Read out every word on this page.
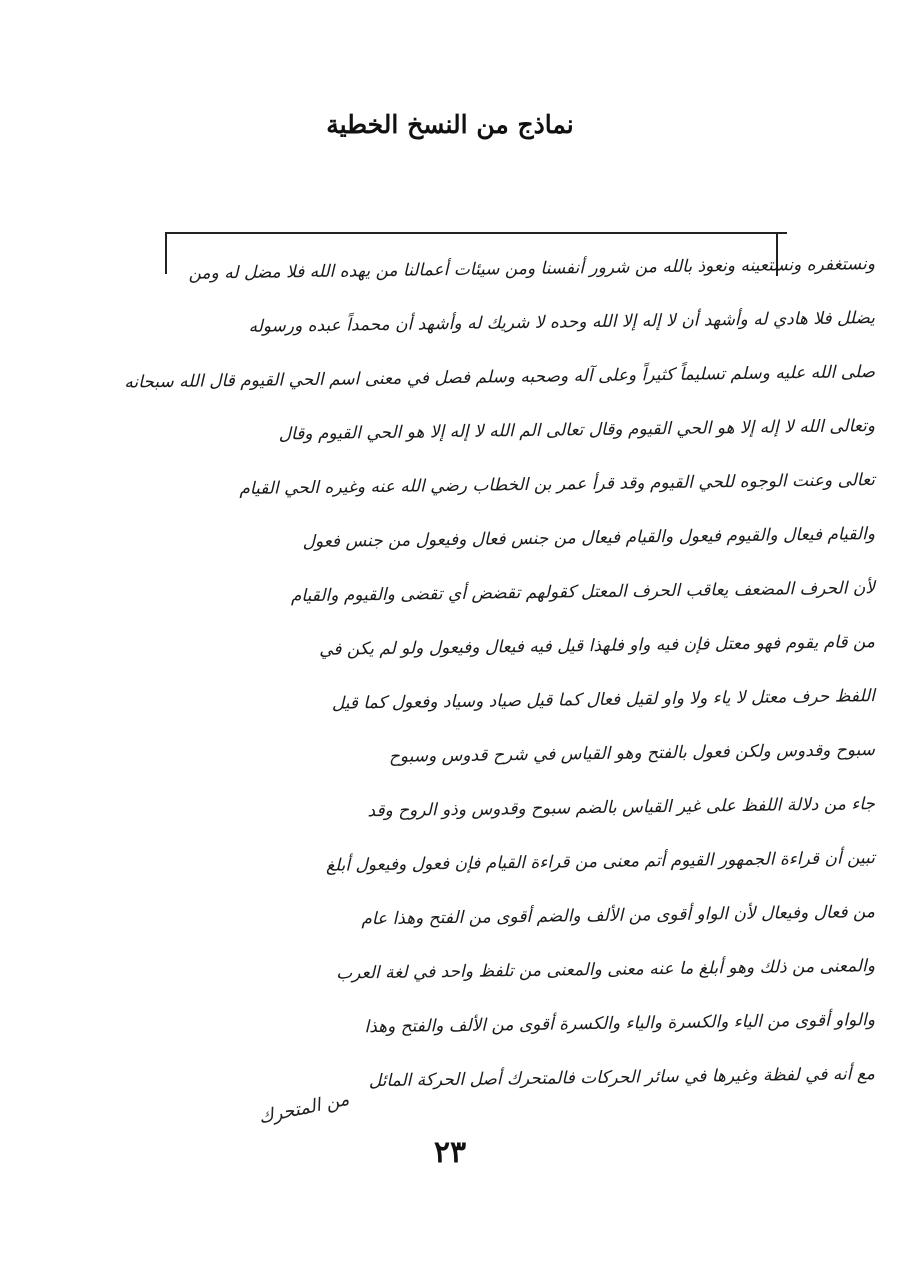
نماذج من النسخ الخطية
ونستغفره ونستعينه ونعوذ بالله من شرور أنفسنا ومن سيئات أعمالنا من يهده الله فلا مضل له ومن
يضلل فلا هادي له وأشهد أن لا إله إلا الله وحده لا شريك له وأشهد أن محمداً عبده ورسوله
صلى الله عليه وسلم تسليماً كثيراً وعلى آله وصحبه وسلم فصل في معنى اسم الحي القيوم قال الله سبحانه
وتعالى الله لا إله إلا هو الحي القيوم وقال تعالى الم الله لا إله إلا هو الحي القيوم وقال
تعالى وعنت الوجوه للحي القيوم وقد قرأ عمر بن الخطاب رضي الله عنه وغيره الحي القيام
والقيام فيعال والقيوم فيعول والقيام فيعال من جنس فعال وفيعول من جنس فعول
لأن الحرف المضعف يعاقب الحرف المعتل كقولهم تقضض أي تقضى والقيوم والقيام
من قام يقوم فهو معتل فإن فيه واو فلهذا قيل فيه فيعال وفيعول ولو لم يكن في
اللفظ حرف معتل لا ياء ولا واو لقيل فعال كما قيل صياد وسياد وفعول كما قيل
سبوح وقدوس ولكن فعول بالفتح وهو القياس في شرح قدوس وسبوح
جاء من دلالة اللفظ على غير القياس بالضم سبوح وقدوس وذو الروح وقد
تبين أن قراءة الجمهور القيوم أتم معنى من قراءة القيام فإن فعول وفيعول أبلغ
من فعال وفيعال لأن الواو أقوى من الألف والضم أقوى من الفتح وهذا عام
والمعنى من ذلك وهو أبلغ ما عنه معنى والمعنى من تلفظ واحد في لغة العرب
والواو أقوى من الياء والكسرة والياء والكسرة أقوى من الألف والفتح وهذا
مع أنه في لفظة وغيرها في سائر الحركات فالمتحرك أصل الحركة المائل
من المتحرك
٢٣
